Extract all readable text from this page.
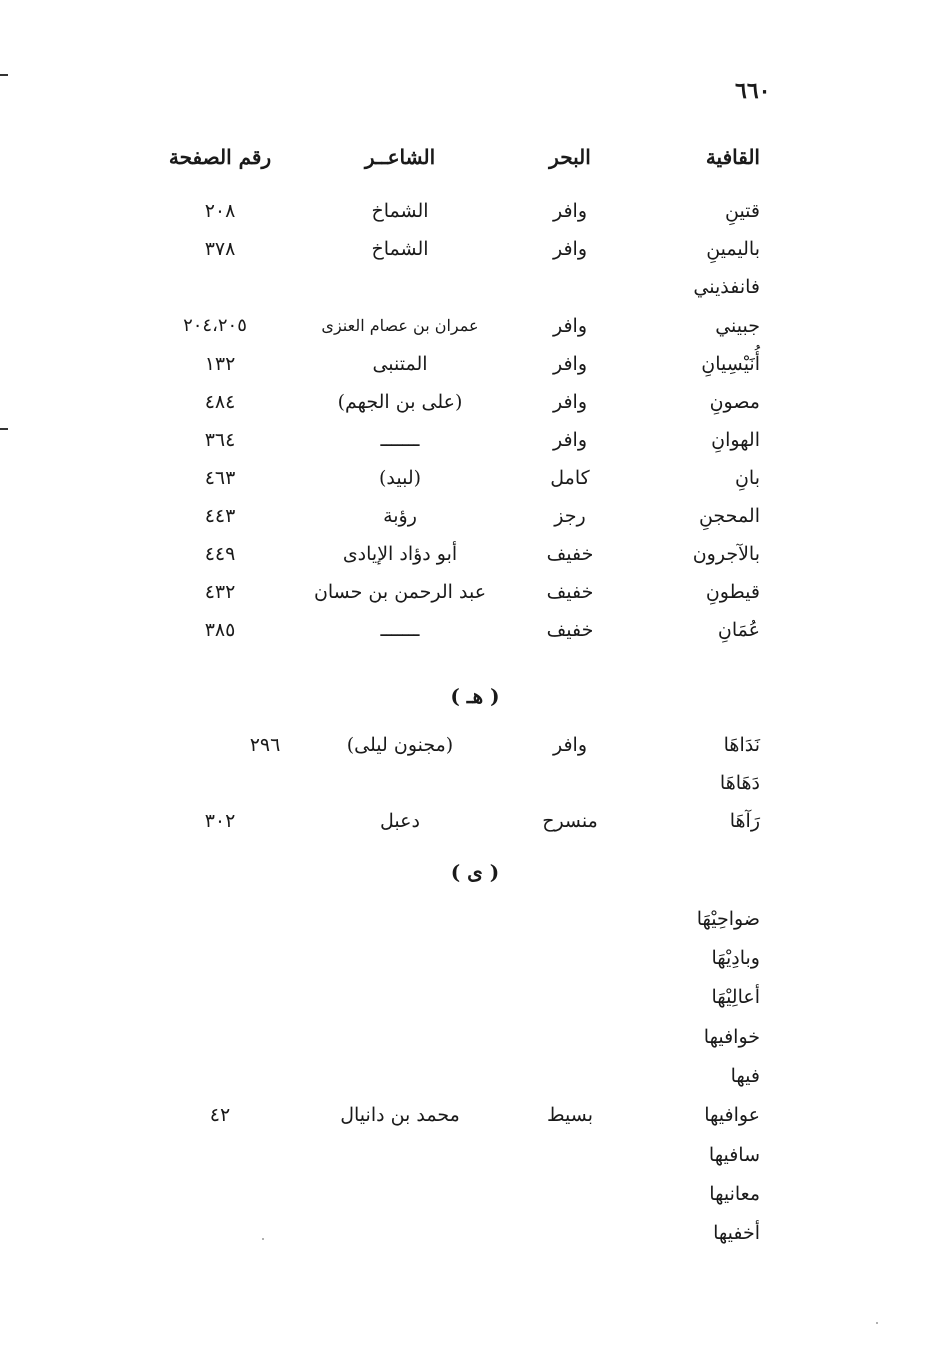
٦٦٠
القافية
البحر
الشاعــر
رقم الصفحة
قتينِ
وافر
الشماخ
٢٠٨
باليمينِ
وافر
الشماخ
٣٧٨
فانفذيني
جبيني
وافر
عمران بن عصام العنزى
٢٠٤،٢٠٥
أُنَيْسِيانِ
وافر
المتنبى
١٣٢
مصونِ
وافر
(على بن الجهم)
٤٨٤
الهوانِ
وافر
ـــــــ
٣٦٤
بانِ
كامل
(لبيد)
٤٦٣
المحجنِ
رجز
رؤبة
٤٤٣
بالآجرون
خفيف
أبو دؤاد الإيادى
٤٤٩
قيطونِ
خفيف
عبد الرحمن بن حسان
٤٣٢
عُمَانِ
خفيف
ـــــــ
٣٨٥
( هـ )
نَدَاهَا
وافر
(مجنون ليلى)
٢٩٦
دَهَاهَا
رَآهَا
منسرح
دعبل
٣٠٢
( ى )
ضواحِيْهَا
وبادِيْهَا
أعالِيْهَا
خوافيها
فيها
عوافيها
بسيط
محمد بن دانيال
٤٢
سافيها
معانيها
أخفيها
